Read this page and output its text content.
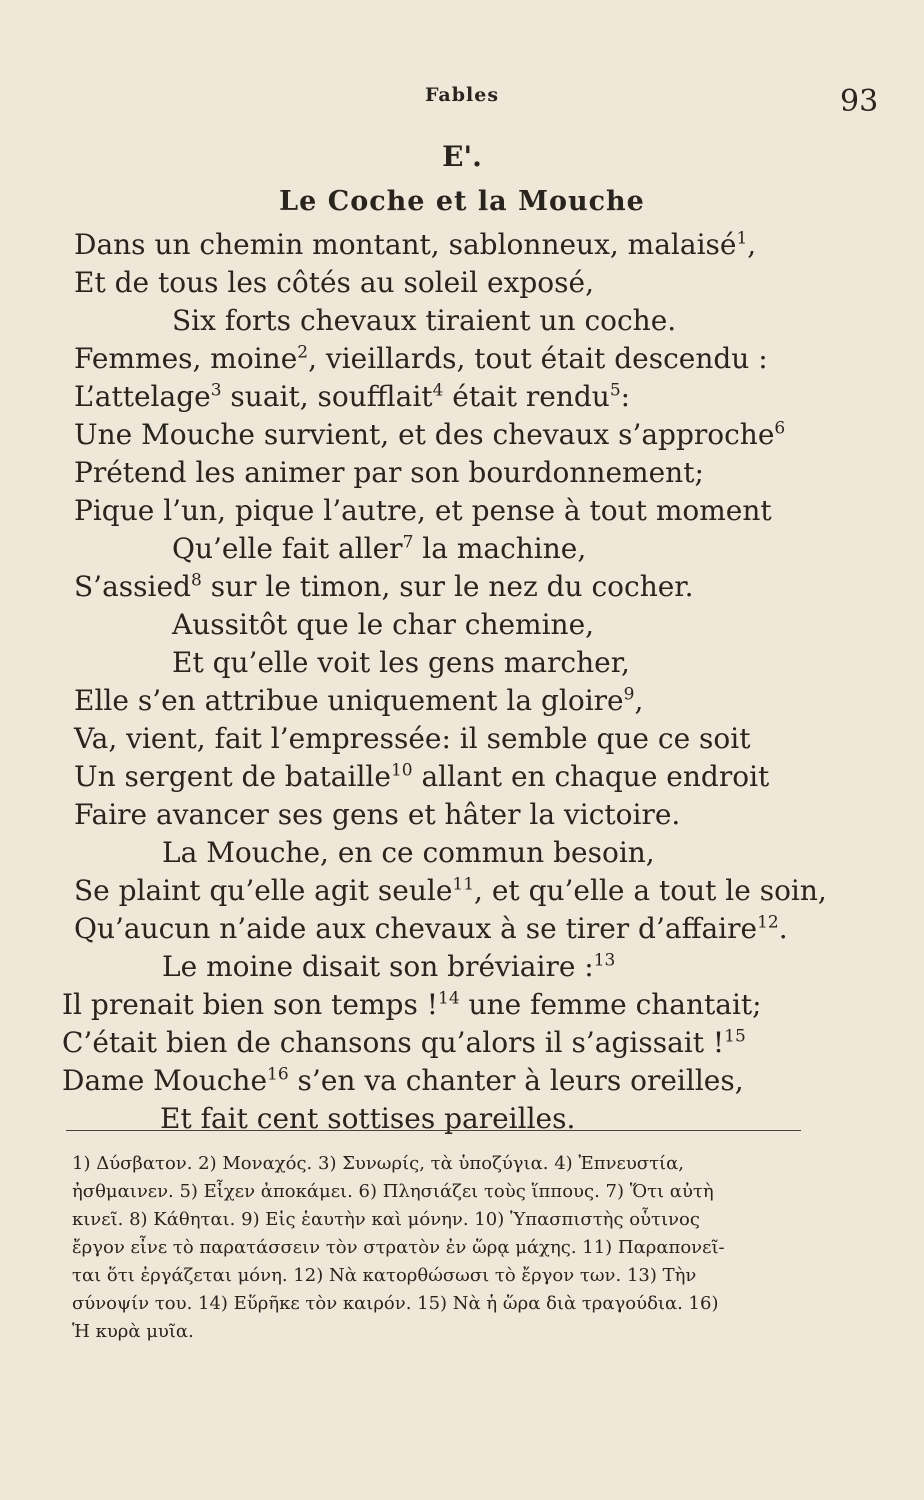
Fables	93
E'.
Le Coche et la Mouche
Dans un chemin montant, sablonneux, malaisé$^1$,
Et de tous les côtés au soleil exposé,
Six forts chevaux tiraient un coche.
Femmes, moine$^2$, vieillards, tout était descendu :
L’attelage$^3$ suait, soufflait$^4$ était rendu$^5$:
Une Mouche survient, et des chevaux s’approche$^6$
Prétend les animer par son bourdonnement;
Pique l’un, pique l’autre, et pense à tout moment
Qu’elle fait aller$^7$ la machine,
S’assied$^8$ sur le timon, sur le nez du cocher.
Aussitôt que le char chemine,
Et qu’elle voit les gens marcher,
Elle s’en attribue uniquement la gloire$^9$,
Va, vient, fait l’empressée: il semble que ce soit
Un sergent de bataille$^{10}$ allant en chaque endroit
Faire avancer ses gens et hâter la victoire.
La Mouche, en ce commun besoin,
Se plaint qu’elle agit seule$^{11}$, et qu’elle a tout le soin,
Qu’aucun n’aide aux chevaux à se tirer d’affaire$^{12}$.
Le moine disait son bréviaire :$^{13}$
Il prenait bien son temps !$^{14}$ une femme chantait;
C’était bien de chansons qu’alors il s’agissait !$^{15}$
Dame Mouche$^{16}$ s’en va chanter à leurs oreilles,
Et fait cent sottises pareilles.
1) Δύσβατον. 2) Μοναχός. 3) Συνωρίς, τὰ ὑποζύγια. 4) Ἐπνευστία,
ἠσθμαινεν. 5) Εἶχεν ἀποκάμει. 6) Πλησιάζει τοὺς ἵππους. 7) Ὅτι αὐτὴ
κινεῖ. 8) Κάθηται. 9) Εἰς ἑαυτὴν καὶ μόνην. 10) Ὑπασπιστὴς οὗτινος
ἔργον εἶνε τὸ παρατάσσειν τὸν στρατὸν ἐν ὥρᾳ μάχης. 11) Παραπονεῖ-
ται ὅτι ἐργάζεται μόνη. 12) Νὰ κατορθώσωσι τὸ ἔργον των. 13) Τὴν
σύνοψίν του. 14) Εὕρῆκε τὸν καιρόν. 15) Νὰ ἡ ὥρα διὰ τραγούδια. 16)
Ἡ κυρὰ μυῖα.
